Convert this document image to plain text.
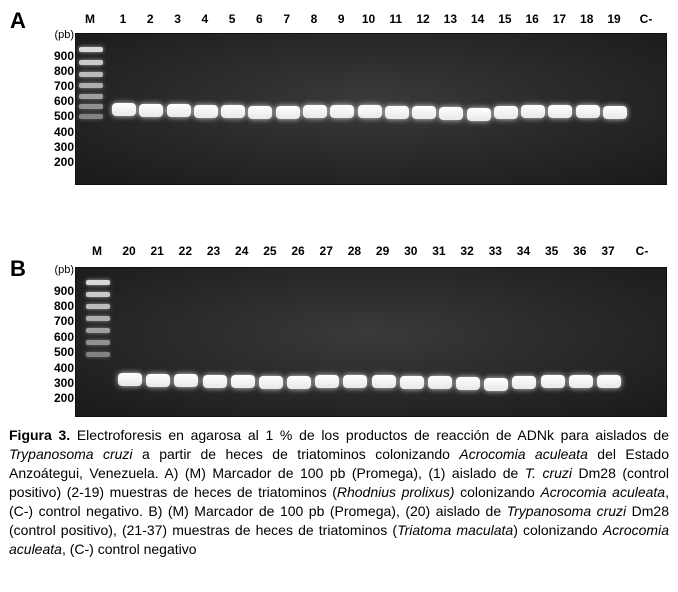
A	M	1	2	3	4	5	6	7	8	9	10	11	12	13	14	15	16	17	18	19	C-
(pb)
900
800
700
600
500
400
300
200
B
M	20	21	22	23	24	25	26	27	28	29	30	31	32	33	34	35	36	37	C-
(pb)
900
800
700
600
500
400
300
200
Figura 3. Electroforesis en agarosa al 1 % de los productos de reacción de ADNk para aislados de Trypanosoma cruzi a partir de heces de triatominos colonizando Acrocomia aculeata del Estado Anzoátegui, Venezuela. A) (M) Marcador de 100 pb (Promega), (1) aislado de T. cruzi Dm28 (control positivo) (2-19) muestras de heces de triatominos (Rhodnius prolixus) colonizando Acrocomia aculeata, (C-) control negativo. B) (M) Marcador de 100 pb (Promega), (20) aislado de Trypanosoma cruzi Dm28 (control positivo), (21-37) muestras de heces de triatominos (Triatoma maculata) colonizando Acrocomia aculeata, (C-) control negativo
